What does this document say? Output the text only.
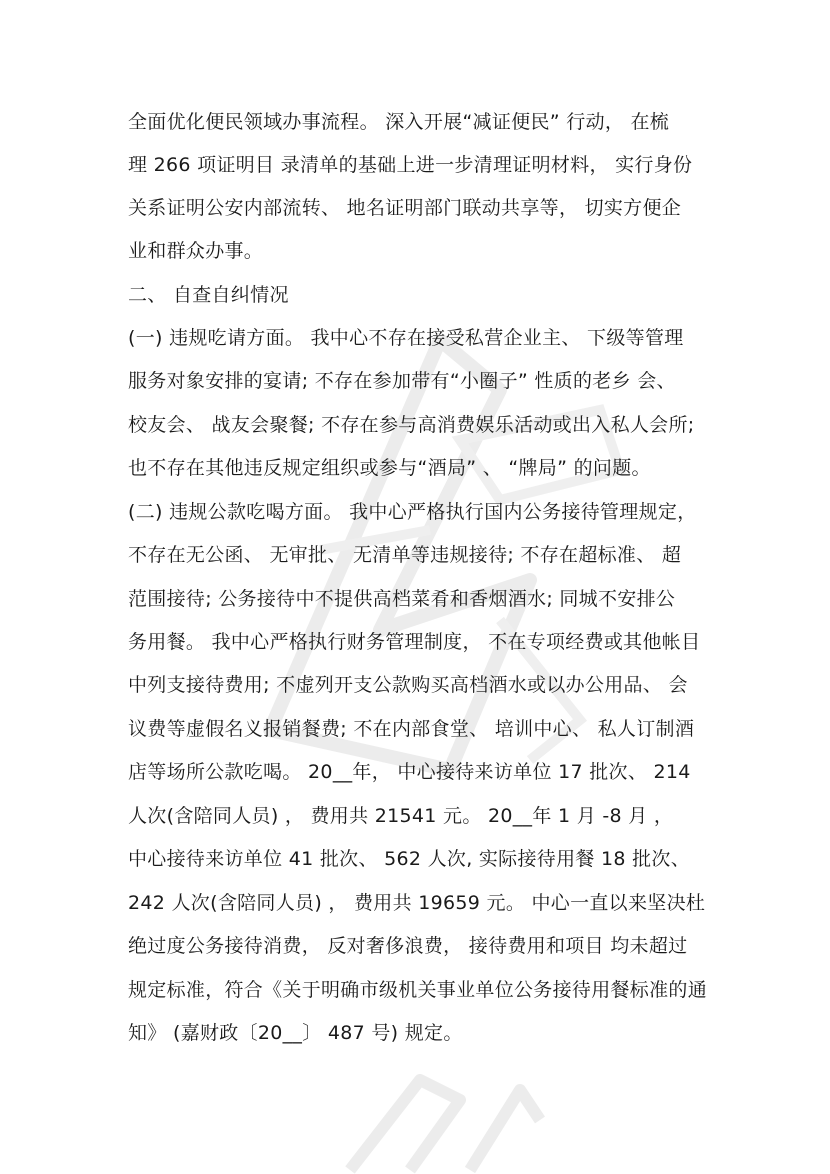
全面优化便民领域办事流程。 深入开展“减证便民” 行动， 在梳
理 266 项证明目 录清单的基础上进一步清理证明材料， 实行身份
关系证明公安内部流转、 地名证明部门联动共享等， 切实方便企
业和群众办事。
二、 自查自纠情况
(一) 违规吃请方面。 我中心不存在接受私营企业主、 下级等管理
服务对象安排的宴请; 不存在参加带有“小圈子” 性质的老乡 会、
校友会、 战友会聚餐; 不存在参与高消费娱乐活动或出入私人会所;
也不存在其他违反规定组织或参与“酒局” 、 “牌局” 的问题。
(二) 违规公款吃喝方面。 我中心严格执行国内公务接待管理规定，
不存在无公函、 无审批、 无清单等违规接待; 不存在超标准、 超
范围接待; 公务接待中不提供高档菜肴和香烟酒水; 同城不安排公
务用餐。 我中心严格执行财务管理制度， 不在专项经费或其他帐目
中列支接待费用; 不虚列开支公款购买高档酒水或以办公用品、 会
议费等虚假名义报销餐费; 不在内部食堂、 培训中心、 私人订制酒
店等场所公款吃喝。 20__年， 中心接待来访单位 17 批次、 214
人次(含陪同人员) ， 费用共 21541 元。 20__年 1 月 -8 月 ，
中心接待来访单位 41 批次、 562 人次, 实际接待用餐 18 批次、
242 人次(含陪同人员) ， 费用共 19659 元。 中心一直以来坚决杜
绝过度公务接待消费， 反对奢侈浪费， 接待费用和项目 均未超过
规定标准，符合《关于明确市级机关事业单位公务接待用餐标准的通
知》 (嘉财政〔20__〕 487 号) 规定。
